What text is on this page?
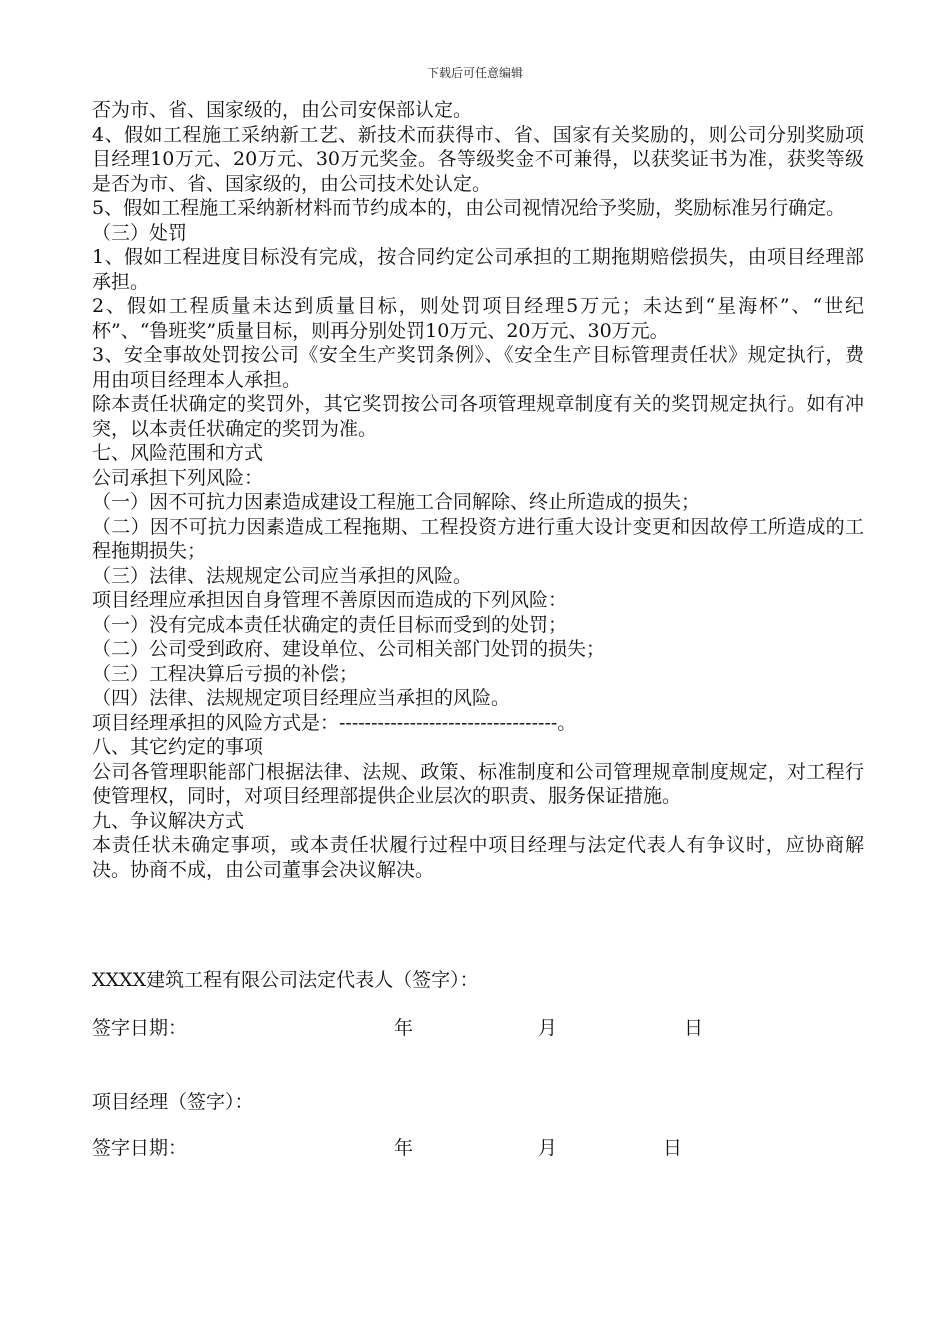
下载后可任意编辑

否为市、省、国家级的，由公司安保部认定。

4、假如工程施工采纳新工艺、新技术而获得市、省、国家有关奖励的，则公司分别奖励项目经理10万元、20万元、30万元奖金。各等级奖金不可兼得，以获奖证书为准，获奖等级是否为市、省、国家级的，由公司技术处认定。

5、假如工程施工采纳新材料而节约成本的，由公司视情况给予奖励，奖励标准另行确定。

（三）处罚

1、假如工程进度目标没有完成，按合同约定公司承担的工期拖期赔偿损失，由项目经理部承担。

2、假如工程质量未达到质量目标，则处罚项目经理5万元；未达到“星海杯”、“世纪杯”、“鲁班奖”质量目标，则再分别处罚10万元、20万元、30万元。

3、安全事故处罚按公司《安全生产奖罚条例》、《安全生产目标管理责任状》规定执行，费用由项目经理本人承担。

除本责任状确定的奖罚外，其它奖罚按公司各项管理规章制度有关的奖罚规定执行。如有冲突，以本责任状确定的奖罚为准。

七、风险范围和方式

公司承担下列风险：

（一）因不可抗力因素造成建设工程施工合同解除、终止所造成的损失；

（二）因不可抗力因素造成工程拖期、工程投资方进行重大设计变更和因故停工所造成的工程拖期损失；

（三）法律、法规规定公司应当承担的风险。

项目经理应承担因自身管理不善原因而造成的下列风险：

（一）没有完成本责任状确定的责任目标而受到的处罚；

（二）公司受到政府、建设单位、公司相关部门处罚的损失；

（三）工程决算后亏损的补偿；

（四）法律、法规规定项目经理应当承担的风险。

项目经理承担的风险方式是：----------------------------------。

八、其它约定的事项

公司各管理职能部门根据法律、法规、政策、标准制度和公司管理规章制度规定，对工程行使管理权，同时，对项目经理部提供企业层次的职责、服务保证措施。

九、争议解决方式

本责任状未确定事项，或本责任状履行过程中项目经理与法定代表人有争议时，应协商解决。协商不成，由公司董事会决议解决。

XXXX建筑工程有限公司法定代表人（签字）：
签字日期：	年	月	日
项目经理（签字）：
签字日期：	年	月	日
